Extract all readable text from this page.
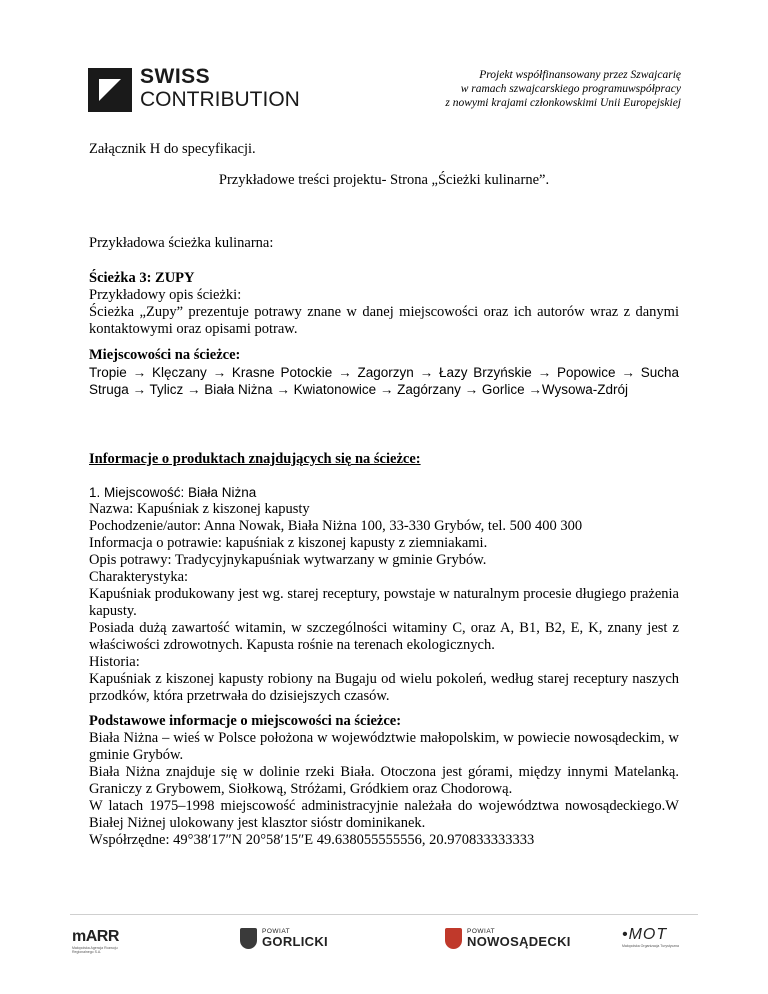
SWISS
CONTRIBUTION
Projekt współfinansowany przez Szwajcarię
w ramach szwajcarskiego programuwspółpracy
z nowymi krajami członkowskimi Unii Europejskiej
Załącznik H do specyfikacji.
Przykładowe treści projektu- Strona „Ścieżki kulinarne”.
Przykładowa ścieżka kulinarna:
Ścieżka 3: ZUPY
Przykładowy opis ścieżki:
Ścieżka „Zupy” prezentuje potrawy znane w danej miejscowości oraz ich autorów wraz z danymi kontaktowymi oraz opisami potraw.
Miejscowości na ścieżce:
Tropie → Klęczany → Krasne Potockie → Zagorzyn → Łazy Brzyńskie → Popowice → Sucha Struga → Tylicz → Biała Niżna → Kwiatonowice → Zagórzany → Gorlice →Wysowa-Zdrój
Informacje o produktach znajdujących się na ścieżce:
1. Miejscowość: Biała Niżna
Nazwa: Kapuśniak z kiszonej kapusty
Pochodzenie/autor: Anna Nowak, Biała Niżna 100, 33-330 Grybów, tel. 500 400 300
Informacja o potrawie: kapuśniak z kiszonej kapusty z ziemniakami.
Opis potrawy: Tradycyjnykapuśniak wytwarzany w gminie Grybów.
Charakterystyka:
Kapuśniak produkowany jest wg. starej receptury, powstaje w naturalnym procesie długiego prażenia kapusty.
Posiada dużą zawartość witamin, w szczególności witaminy C, oraz A, B1, B2, E, K, znany jest z właściwości zdrowotnych. Kapusta rośnie na terenach ekologicznych.
Historia:
Kapuśniak z kiszonej kapusty robiony na Bugaju od wielu pokoleń, według starej receptury naszych przodków, która przetrwała do dzisiejszych czasów.
Podstawowe informacje o miejscowości na ścieżce:
Biała Niżna – wieś w Polsce położona w województwie małopolskim, w powiecie nowosądeckim, w gminie Grybów.
Biała Niżna znajduje się w dolinie rzeki Biała. Otoczona jest górami, między innymi Matelanką. Graniczy z Grybowem, Siołkową, Stróżami, Gródkiem oraz Chodorową.
W latach 1975–1998 miejscowość administracyjnie należała do województwa nowosądeckiego.W Białej Niżnej ulokowany jest klasztor sióstr dominikanek.
Współrzędne: 49°38′17″N 20°58′15″E 49.638055555556, 20.970833333333
mARR
Małopolska Agencja Rozwoju Regionalnego S.A.
POWIAT
GORLICKI
POWIAT
NOWOSĄDECKI	•MOT
Małopolska Organizacja Turystyczna
